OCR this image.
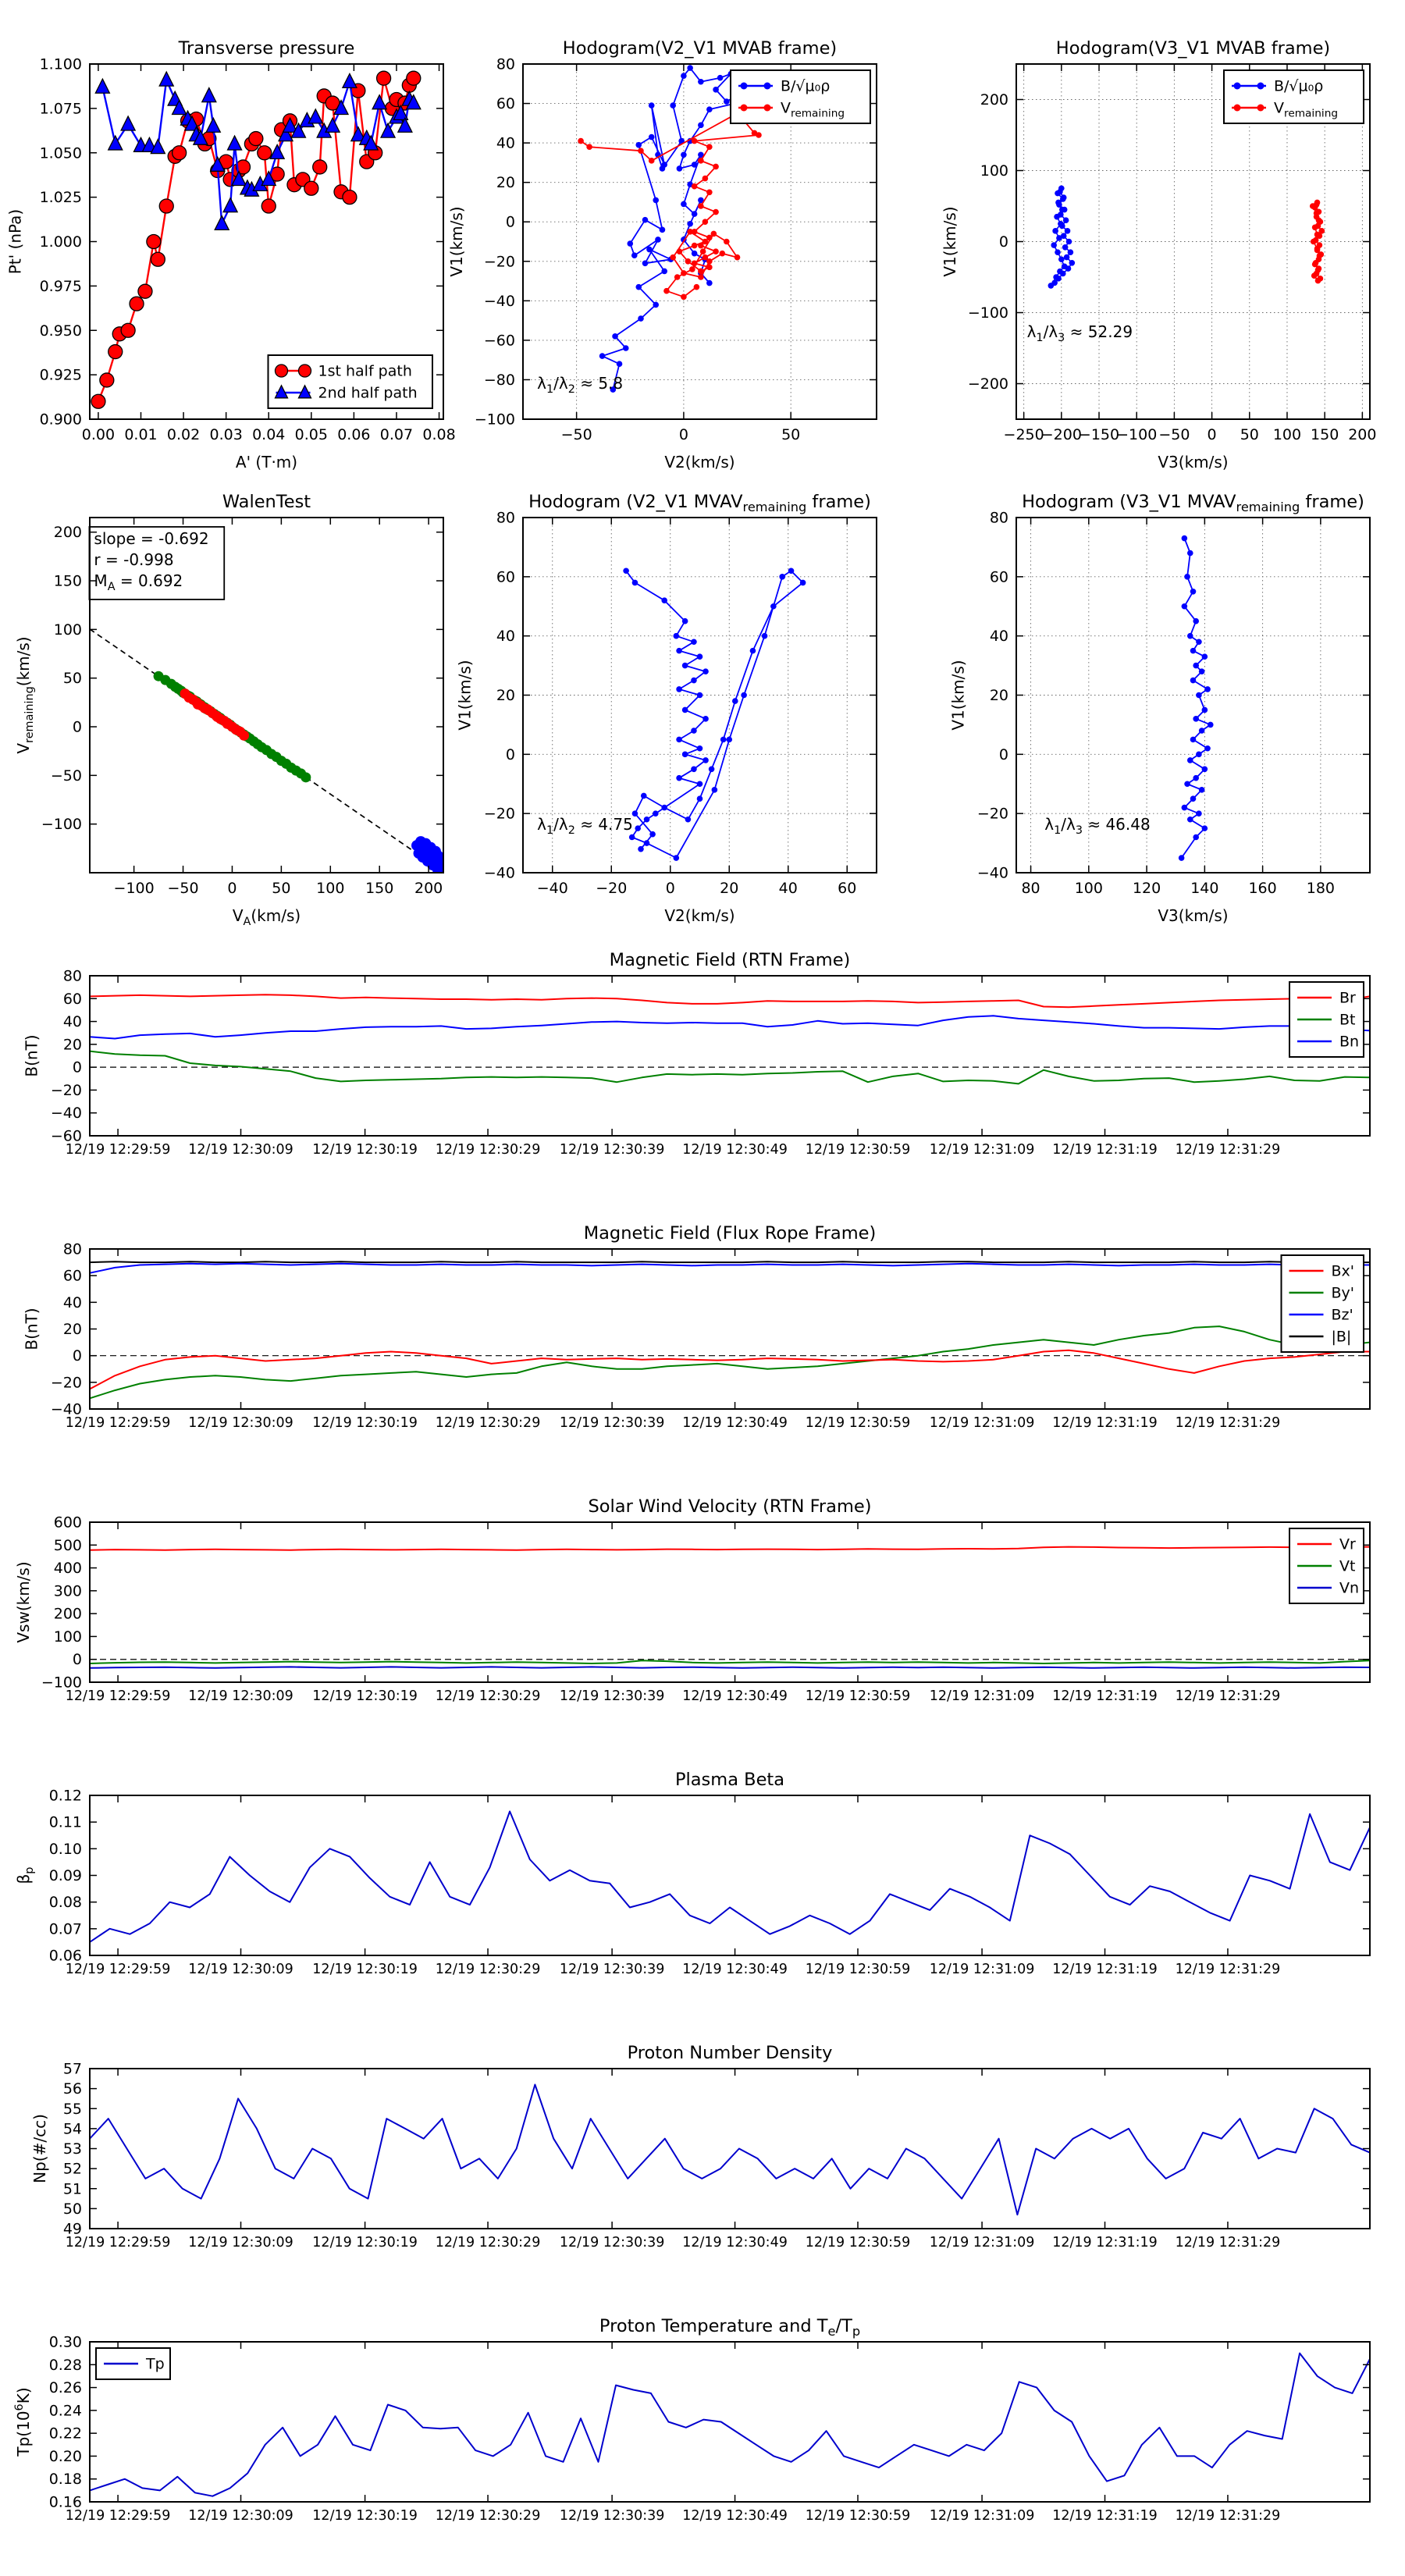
1st half path
2nd half path
0.00 0.01 0.02 0.03 0.04 0.05 0.06 0.07 0.08
0.900
0.925
0.950
0.975
1.000
1.025
1.050
1.075
1.100
Transverse pressure
A' (T·m)
Pt' (nPa)
B/√μ₀ρ
$V_{remaining}$
$\lambda_1/\lambda_2 \approx 5.8$
−50	0	50
−100
−80
−60
−40
−20
0
20
40
60
80
Hodogram(V2_V1 MVAB frame)
V2(km/s)
V1(km/s)
B/√μ₀ρ
$V_{remaining}$
$\lambda_1/\lambda_3 \approx 52.29$
−250
−200
−150
−100 −50 0 50 100 150 200
−200
−100
0
100
200
Hodogram(V3_V1 MVAB frame)
V3(km/s)
V1(km/s)
slope = -0.692
r = -0.998
$M_A = 0.692$
−100 −50 0 50 100 150 200
−100
−50
0
50
100
150
200
WalenTest
$V_A(km/s)$
$V_{remaining}(km/s)$
$\lambda_1/\lambda_2 \approx 4.75$
−40 −20	0	20	40	60
−40
−20
0
20
40
60
80
Hodogram (V2_V1 $MVAV_{remaining}$ frame)
V2(km/s)
V1(km/s)
$\lambda_1/\lambda_3 \approx 46.48$
80 100 120 140 160 180
−40
−20
0
20
40
60
80
Hodogram (V3_V1 $MVAV_{remaining}$ frame)
V3(km/s)
V1(km/s)
Br
Bt
Bn
12/19 12:29:59 12/19 12:30:09 12/19 12:30:19 12/19 12:30:29 12/19 12:30:39 12/19 12:30:49 12/19 12:30:59 12/19 12:31:09 12/19 12:31:19 12/19 12:31:29
−60
−40
−20
0
20
40
60
80
Magnetic Field (RTN Frame)
B(nT)
Bx'
By'
Bz'
|B|
12/19 12:29:59 12/19 12:30:09 12/19 12:30:19 12/19 12:30:29 12/19 12:30:39 12/19 12:30:49 12/19 12:30:59 12/19 12:31:09 12/19 12:31:19 12/19 12:31:29
−40
−20
0
20
40
60
80
Magnetic Field (Flux Rope Frame)
B(nT)
Vr
Vt
Vn
12/19 12:29:59 12/19 12:30:09 12/19 12:30:19 12/19 12:30:29 12/19 12:30:39 12/19 12:30:49 12/19 12:30:59 12/19 12:31:09 12/19 12:31:19 12/19 12:31:29
−100
0
100
200
300
400
500
600
Solar Wind Velocity (RTN Frame)
Vsw(km/s)
12/19 12:29:59 12/19 12:30:09 12/19 12:30:19 12/19 12:30:29 12/19 12:30:39 12/19 12:30:49 12/19 12:30:59 12/19 12:31:09 12/19 12:31:19 12/19 12:31:29
0.06
0.07
0.08
0.09
0.10
0.11
0.12
Plasma Beta
$\beta_p$
12/19 12:29:59 12/19 12:30:09 12/19 12:30:19 12/19 12:30:29 12/19 12:30:39 12/19 12:30:49 12/19 12:30:59 12/19 12:31:09 12/19 12:31:19 12/19 12:31:29
49
50
51
52
53
54
55
56
57
Proton Number Density
Np(#/cc)
Tp
12/19 12:29:59 12/19 12:30:09 12/19 12:30:19 12/19 12:30:29 12/19 12:30:39 12/19 12:30:49 12/19 12:30:59 12/19 12:31:09 12/19 12:31:19 12/19 12:31:29
0.16
0.18
0.20
0.22
0.24
0.26
0.28
0.30
Proton Temperature and $T_e/T_p$
$Tp(10^6K)$
